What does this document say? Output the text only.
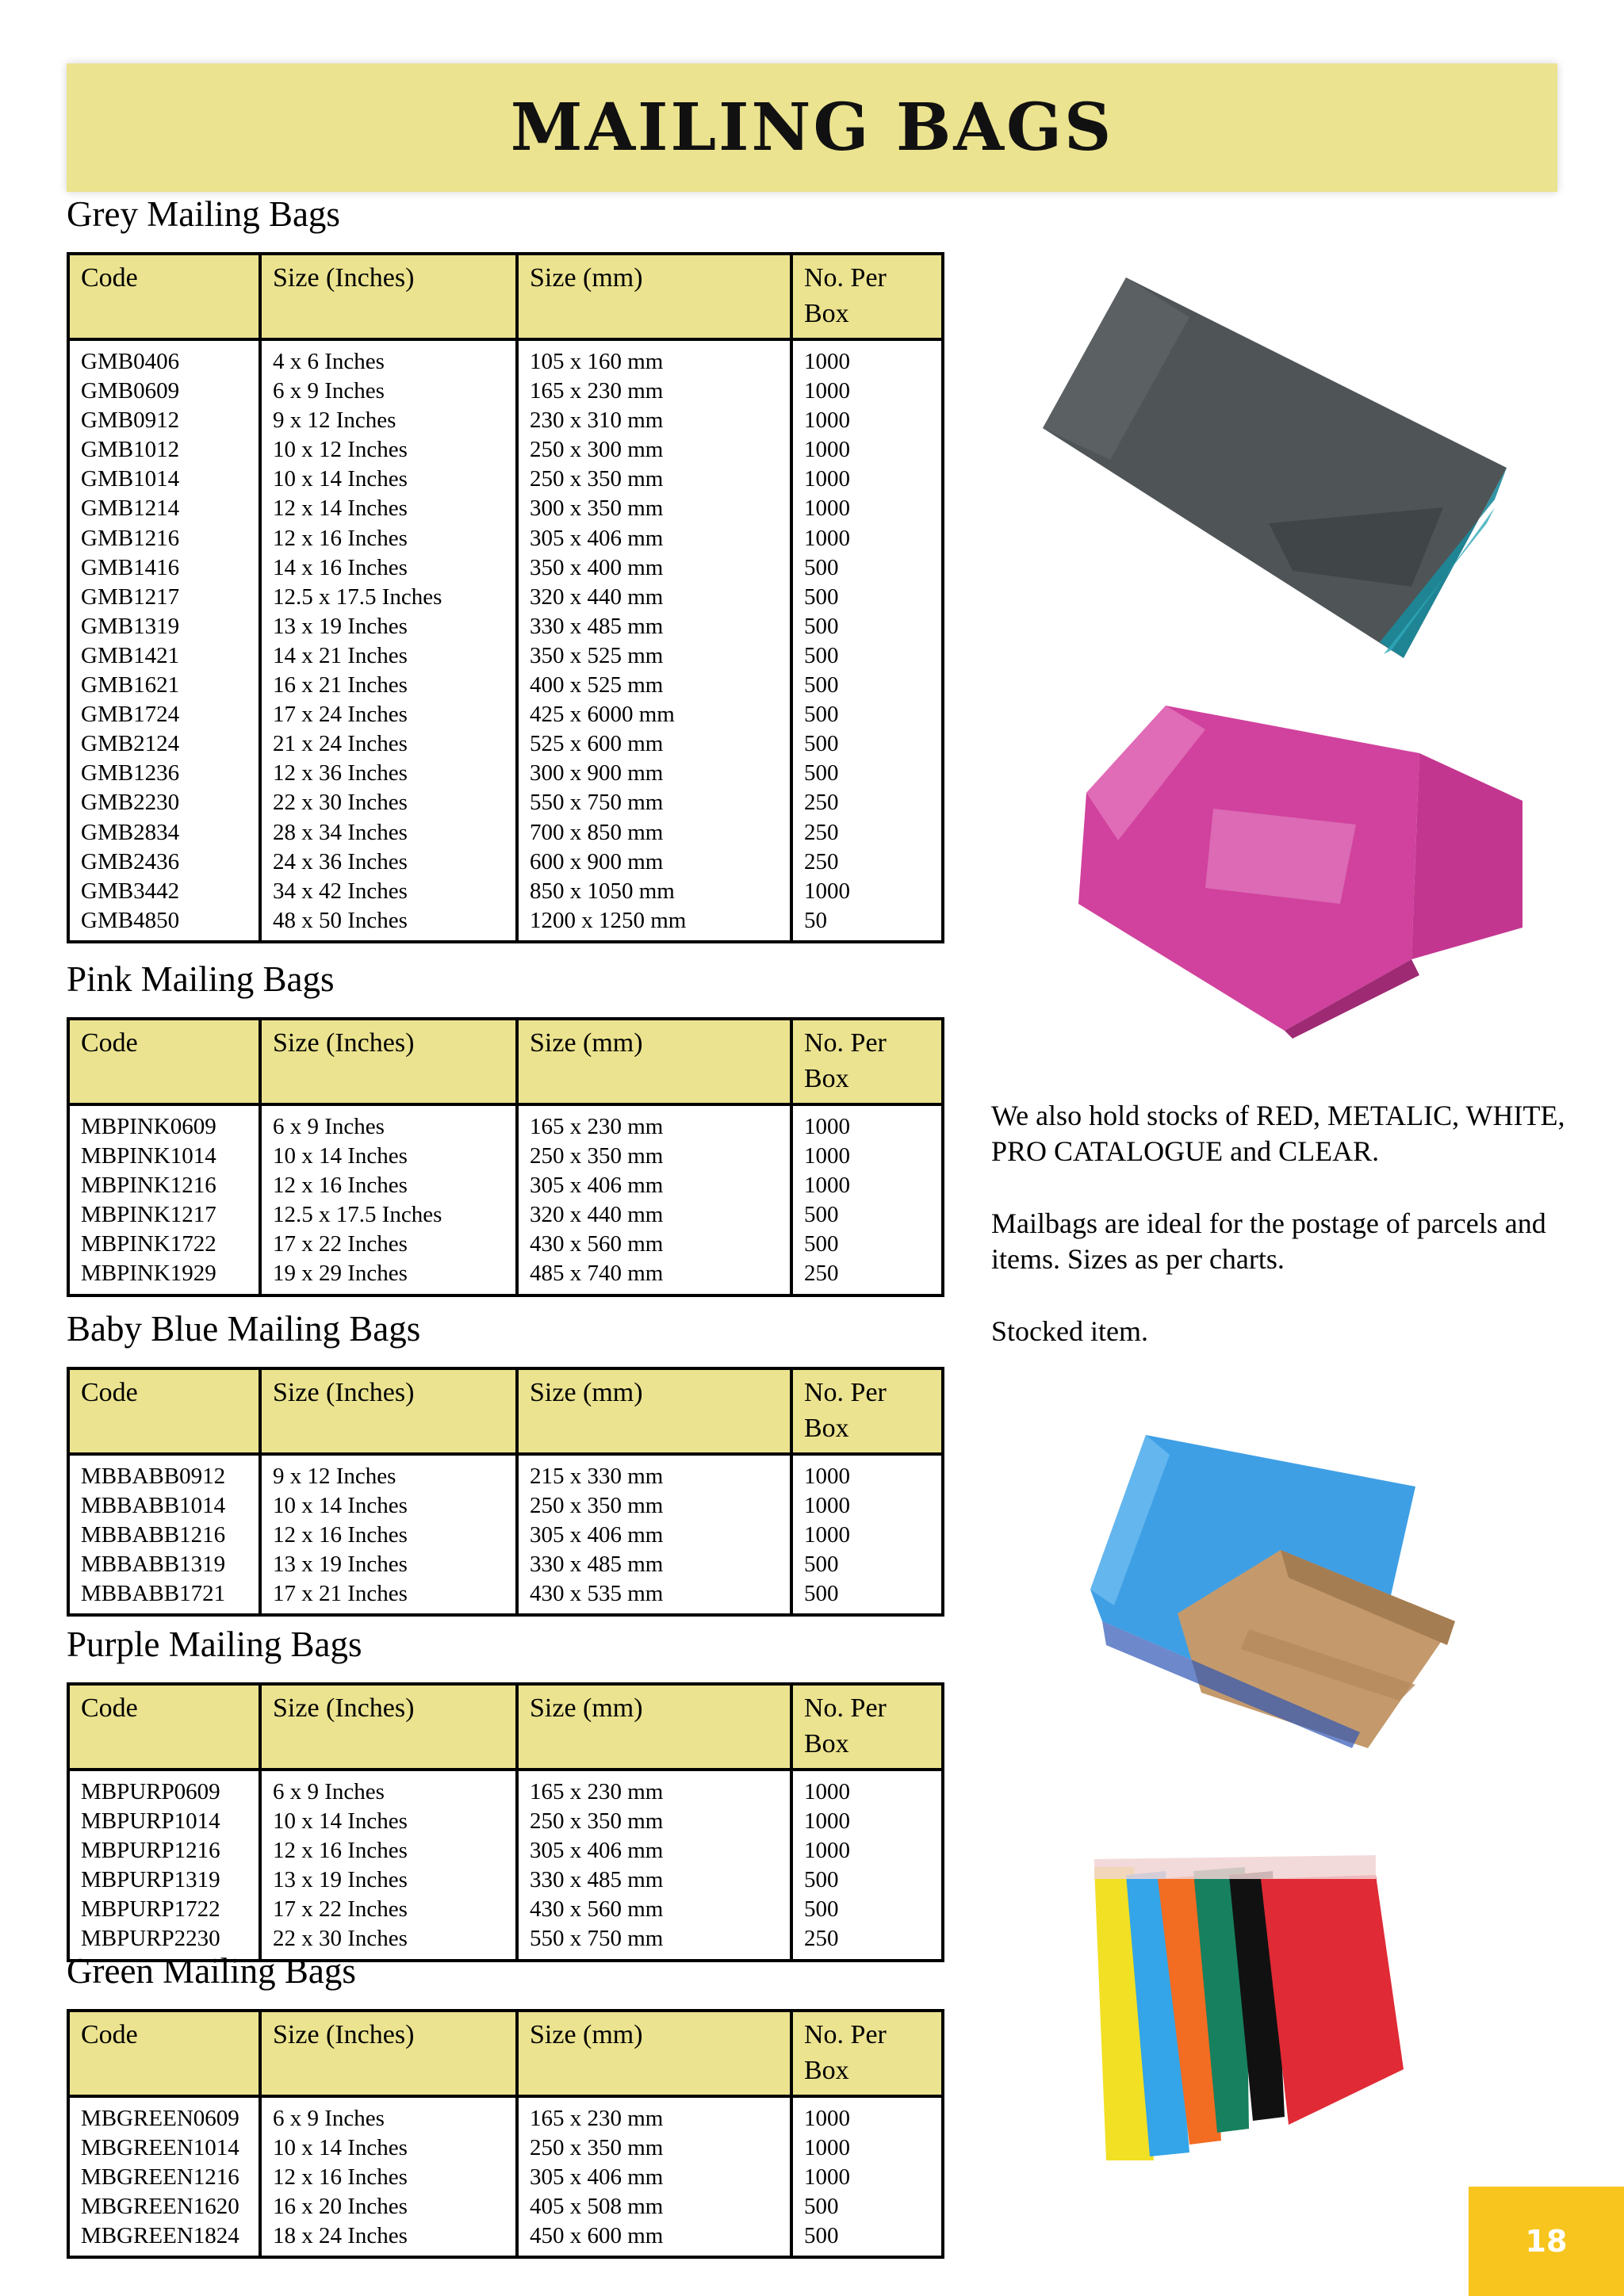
MAILING BAGS
Grey Mailing Bags
Code	Size (Inches)	Size (mm)	No. Per Box
GMB0406	4 x 6 Inches	105 x 160 mm	1000
GMB0609	6 x 9 Inches	165 x 230 mm	1000
GMB0912	9 x 12 Inches	230 x 310 mm	1000
GMB1012	10 x 12 Inches	250 x 300 mm	1000
GMB1014	10 x 14 Inches	250 x 350 mm	1000
GMB1214	12 x 14 Inches	300 x 350 mm	1000
GMB1216	12 x 16 Inches	305 x 406 mm	1000
GMB1416	14 x 16 Inches	350 x 400 mm	500
GMB1217	12.5 x 17.5 Inches	320 x 440 mm	500
GMB1319	13 x 19 Inches	330 x 485 mm	500
GMB1421	14 x 21 Inches	350 x 525 mm	500
GMB1621	16 x 21 Inches	400 x 525 mm	500
GMB1724	17 x 24 Inches	425 x 6000 mm	500
GMB2124	21 x 24 Inches	525 x 600 mm	500
GMB1236	12 x 36 Inches	300 x 900 mm	500
GMB2230	22 x 30 Inches	550 x 750 mm	250
GMB2834	28 x 34 Inches	700 x 850 mm	250
GMB2436	24 x 36 Inches	600 x 900 mm	250
GMB3442	34 x 42 Inches	850 x 1050 mm	1000
GMB4850	48 x 50 Inches	1200 x 1250 mm	50
Pink Mailing Bags
Code	Size (Inches)	Size (mm)	No. Per Box
MBPINK0609	6 x 9 Inches	165 x 230 mm	1000
MBPINK1014	10 x 14 Inches	250 x 350 mm	1000
MBPINK1216	12 x 16 Inches	305 x 406 mm	1000
MBPINK1217	12.5 x 17.5 Inches	320 x 440 mm	500
MBPINK1722	17 x 22 Inches	430 x 560 mm	500
MBPINK1929	19 x 29 Inches	485 x 740 mm	250
Baby Blue Mailing Bags
Code	Size (Inches)	Size (mm)	No. Per Box
MBBABB0912	9 x 12 Inches	215 x 330 mm	1000
MBBABB1014	10 x 14 Inches	250 x 350 mm	1000
MBBABB1216	12 x 16 Inches	305 x 406 mm	1000
MBBABB1319	13 x 19 Inches	330 x 485 mm	500
MBBABB1721	17 x 21 Inches	430 x 535 mm	500
Purple Mailing Bags
Code	Size (Inches)	Size (mm)	No. Per Box
MBPURP0609	6 x 9 Inches	165 x 230 mm	1000
MBPURP1014	10 x 14 Inches	250 x 350 mm	1000
MBPURP1216	12 x 16 Inches	305 x 406 mm	1000
MBPURP1319	13 x 19 Inches	330 x 485 mm	500
MBPURP1722	17 x 22 Inches	430 x 560 mm	500
MBPURP2230	22 x 30 Inches	550 x 750 mm	250
Green Mailing Bags
Code	Size (Inches)	Size (mm)	No. Per Box
MBGREEN0609	6 x 9 Inches	165 x 230 mm	1000
MBGREEN1014	10 x 14 Inches	250 x 350 mm	1000
MBGREEN1216	12 x 16 Inches	305 x 406 mm	1000
MBGREEN1620	16 x 20 Inches	405 x 508 mm	500
MBGREEN1824	18 x 24 Inches	450 x 600 mm	500

We also hold stocks of RED, METALIC, WHITE, PRO CATALOGUE and CLEAR.

Mailbags are ideal for the postage of parcels and items. Sizes as per charts.

Stocked item.

18
